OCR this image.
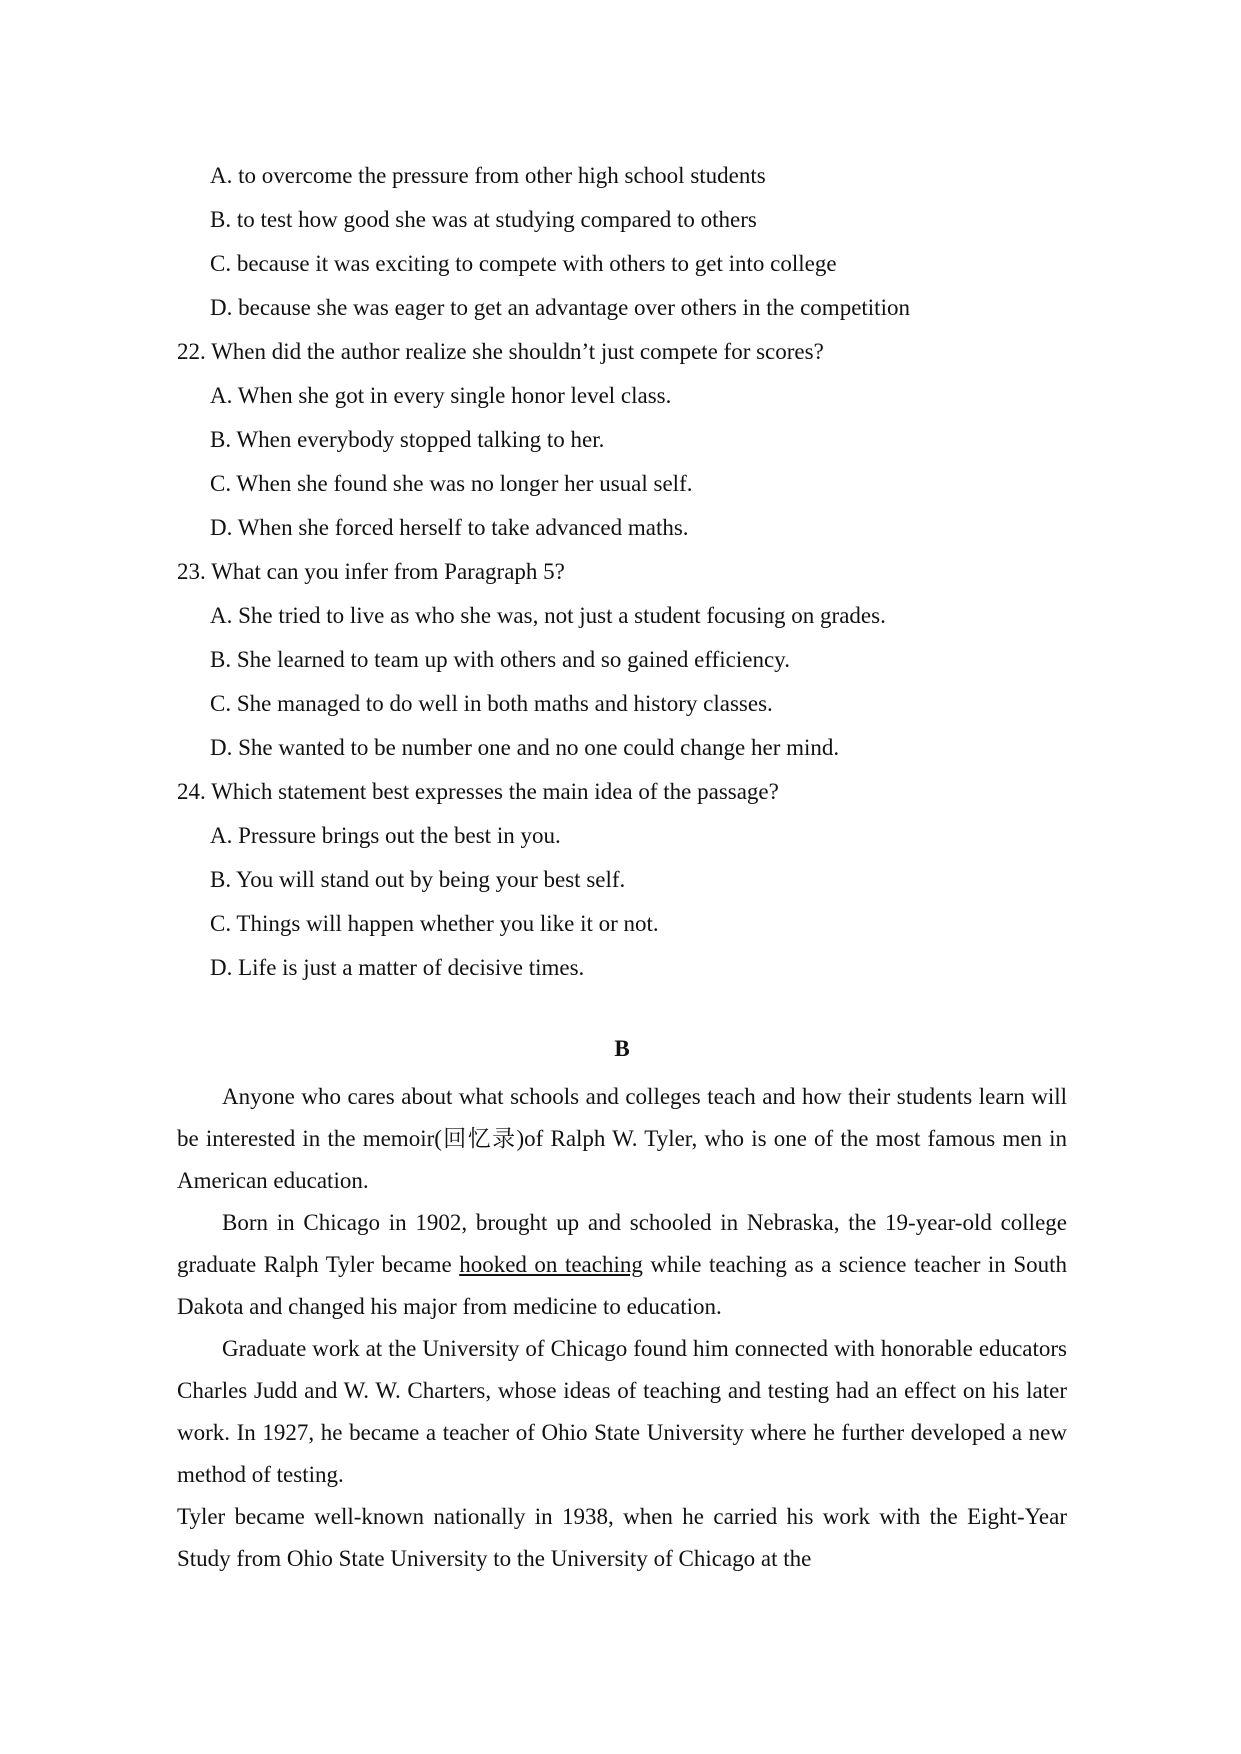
A. to overcome the pressure from other high school students
B. to test how good she was at studying compared to others
C. because it was exciting to compete with others to get into college
D. because she was eager to get an advantage over others in the competition
22. When did the author realize she shouldn’t just compete for scores?
A. When she got in every single honor level class.
B. When everybody stopped talking to her.
C. When she found she was no longer her usual self.
D. When she forced herself to take advanced maths.
23. What can you infer from Paragraph 5?
A. She tried to live as who she was, not just a student focusing on grades.
B. She learned to team up with others and so gained efficiency.
C. She managed to do well in both maths and history classes.
D. She wanted to be number one and no one could change her mind.
24. Which statement best expresses the main idea of the passage?
A. Pressure brings out the best in you.
B. You will stand out by being your best self.
C. Things will happen whether you like it or not.
D. Life is just a matter of decisive times.
B

Anyone who cares about what schools and colleges teach and how their students learn will be interested in the memoir(回忆录)of Ralph W. Tyler, who is one of the most famous men in American education.

Born in Chicago in 1902, brought up and schooled in Nebraska, the 19-year-old college graduate Ralph Tyler became hooked on teaching while teaching as a science teacher in South Dakota and changed his major from medicine to education.

Graduate work at the University of Chicago found him connected with honorable educators Charles Judd and W. W. Charters, whose ideas of teaching and testing had an effect on his later work. In 1927, he became a teacher of Ohio State University where he further developed a new method of testing.

Tyler became well-known nationally in 1938, when he carried his work with the Eight-Year Study from Ohio State University to the University of Chicago at the
